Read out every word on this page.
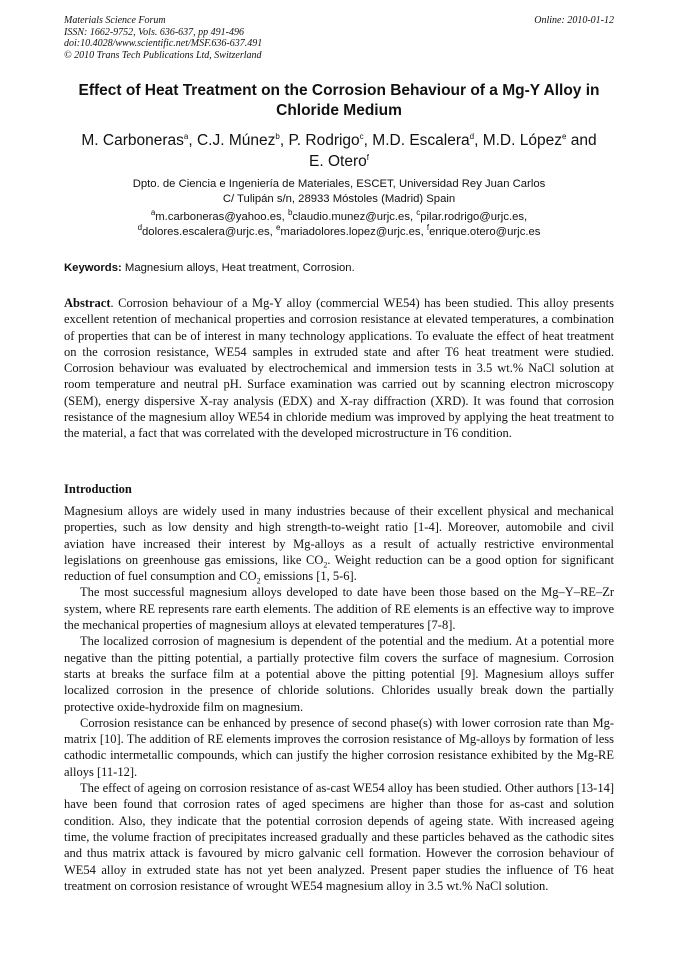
Materials Science Forum
ISSN: 1662-9752, Vols. 636-637, pp 491-496
doi:10.4028/www.scientific.net/MSF.636-637.491
© 2010 Trans Tech Publications Ltd, Switzerland
Online: 2010-01-12
Effect of Heat Treatment on the Corrosion Behaviour of a Mg-Y Alloy in Chloride Medium
M. Carboneras$^a$, C.J. Múnez$^b$, P. Rodrigo$^c$, M.D. Escalera$^d$, M.D. López$^e$ and
E. Otero$^f$
Dpto. de Ciencia e Ingeniería de Materiales, ESCET, Universidad Rey Juan Carlos
C/ Tulipán s/n, 28933 Móstoles (Madrid) Spain
$^a$m.carboneras@yahoo.es, $^b$claudio.munez@urjc.es, $^c$pilar.rodrigo@urjc.es,
$^d$dolores.escalera@urjc.es, $^e$mariadolores.lopez@urjc.es, $^f$enrique.otero@urjc.es
Keywords: Magnesium alloys, Heat treatment, Corrosion.

Abstract. Corrosion behaviour of a Mg-Y alloy (commercial WE54) has been studied. This alloy presents excellent retention of mechanical properties and corrosion resistance at elevated temperatures, a combination of properties that can be of interest in many technology applications. To evaluate the effect of heat treatment on the corrosion resistance, WE54 samples in extruded state and after T6 heat treatment were studied. Corrosion behaviour was evaluated by electrochemical and immersion tests in 3.5 wt.% NaCl solution at room temperature and neutral pH. Surface examination was carried out by scanning electron microscopy (SEM), energy dispersive X-ray analysis (EDX) and X-ray diffraction (XRD). It was found that corrosion resistance of the magnesium alloy WE54 in chloride medium was improved by applying the heat treatment to the material, a fact that was correlated with the developed microstructure in T6 condition.

Introduction

Magnesium alloys are widely used in many industries because of their excellent physical and mechanical properties, such as low density and high strength-to-weight ratio [1-4]. Moreover, automobile and civil aviation have increased their interest by Mg-alloys as a result of actually restrictive environmental legislations on greenhouse gas emissions, like $CO_2$. Weight reduction can be a good option for significant reduction of fuel consumption and $CO_2$ emissions [1, 5-6].

The most successful magnesium alloys developed to date have been those based on the Mg–Y–RE–Zr system, where RE represents rare earth elements. The addition of RE elements is an effective way to improve the mechanical properties of magnesium alloys at elevated temperatures [7-8].

The localized corrosion of magnesium is dependent of the potential and the medium. At a potential more negative than the pitting potential, a partially protective film covers the surface of magnesium. Corrosion starts at breaks the surface film at a potential above the pitting potential [9]. Magnesium alloys suffer localized corrosion in the presence of chloride solutions. Chlorides usually break down the partially protective oxide-hydroxide film on magnesium.

Corrosion resistance can be enhanced by presence of second phase(s) with lower corrosion rate than Mg-matrix [10]. The addition of RE elements improves the corrosion resistance of Mg-alloys by formation of less cathodic intermetallic compounds, which can justify the higher corrosion resistance exhibited by the Mg-RE alloys [11-12].

The effect of ageing on corrosion resistance of as-cast WE54 alloy has been studied. Other authors [13-14] have been found that corrosion rates of aged specimens are higher than those for as-cast and solution condition. Also, they indicate that the potential corrosion depends of ageing state. With increased ageing time, the volume fraction of precipitates increased gradually and these particles behaved as the cathodic sites and thus matrix attack is favoured by micro galvanic cell formation. However the corrosion behaviour of WE54 alloy in extruded state has not yet been analyzed. Present paper studies the influence of T6 heat treatment on corrosion resistance of wrought WE54 magnesium alloy in 3.5 wt.% NaCl solution.
